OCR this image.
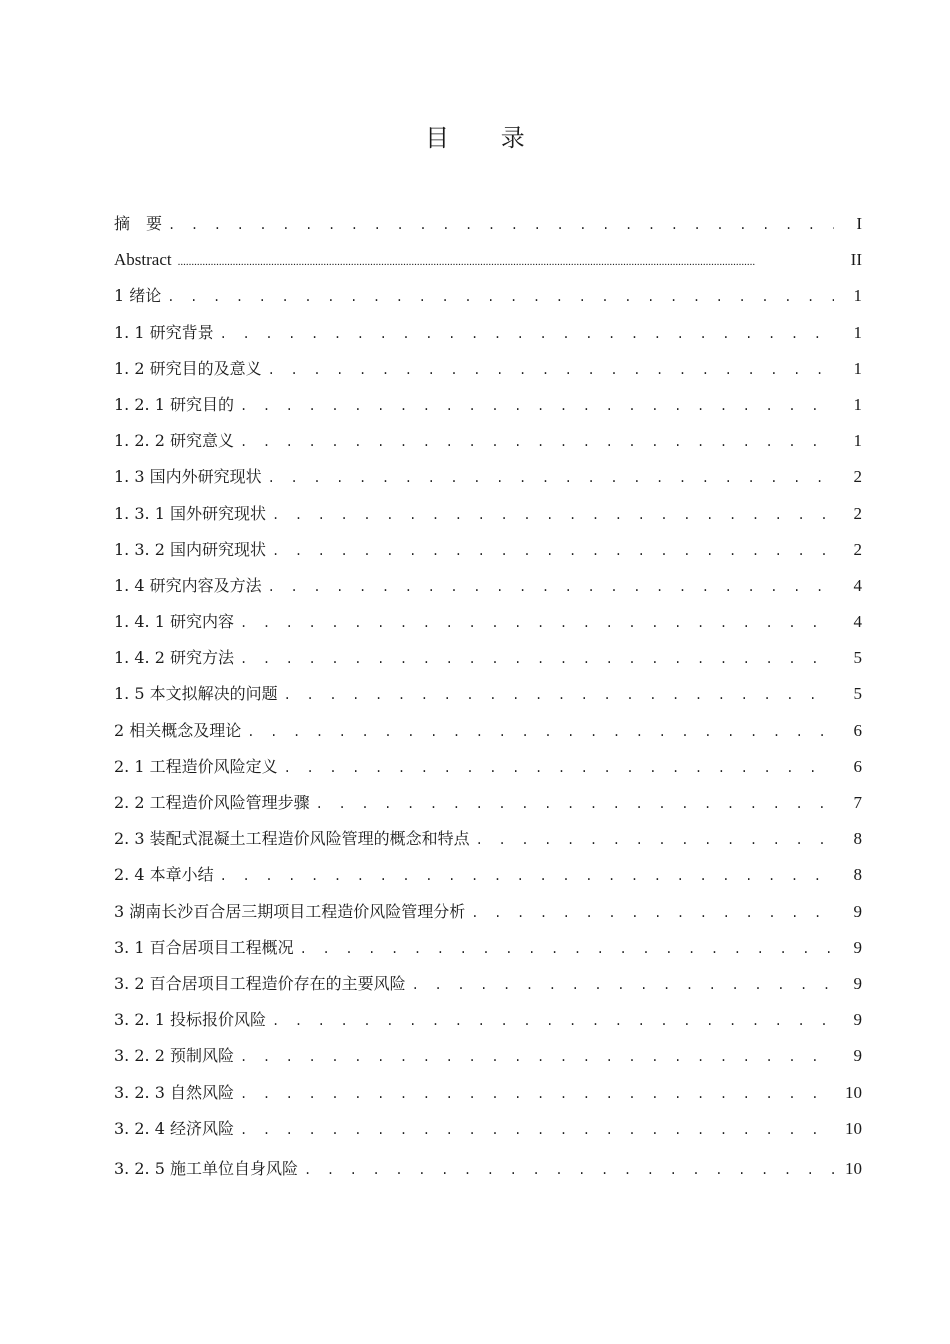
目 录
摘　要 . . .	I
Abstract .....	II
1 绪论 . . .	1
1. 1 研究背景 . . .	1
1. 2 研究目的及意义 . . .	1
1. 2. 1 研究目的 . . .	1
1. 2. 2 研究意义 . . .	1
1. 3 国内外研究现状 . . .	2
1. 3. 1 国外研究现状 . . .	2
1. 3. 2 国内研究现状 . . .	2
1. 4 研究内容及方法 . . .	4
1. 4. 1 研究内容 . . .	4
1. 4. 2 研究方法 . . .	5
1. 5 本文拟解决的问题 . . .	5
2 相关概念及理论 . . .	6
2. 1 工程造价风险定义 . . .	6
2. 2 工程造价风险管理步骤 . . .	7
2. 3 装配式混凝土工程造价风险管理的概念和特点 . . .	8
2. 4 本章小结 . . .	8
3 湖南长沙百合居三期项目工程造价风险管理分析 . . .	9
3. 1 百合居项目工程概况 . . .	9
3. 2 百合居项目工程造价存在的主要风险 . . .	9
3. 2. 1 投标报价风险 . . .	9
3. 2. 2 预制风险 . . .	9
3. 2. 3 自然风险 . . .	10
3. 2. 4 经济风险 . . .	10
3. 2. 5 施工单位自身风险 . . .	10
